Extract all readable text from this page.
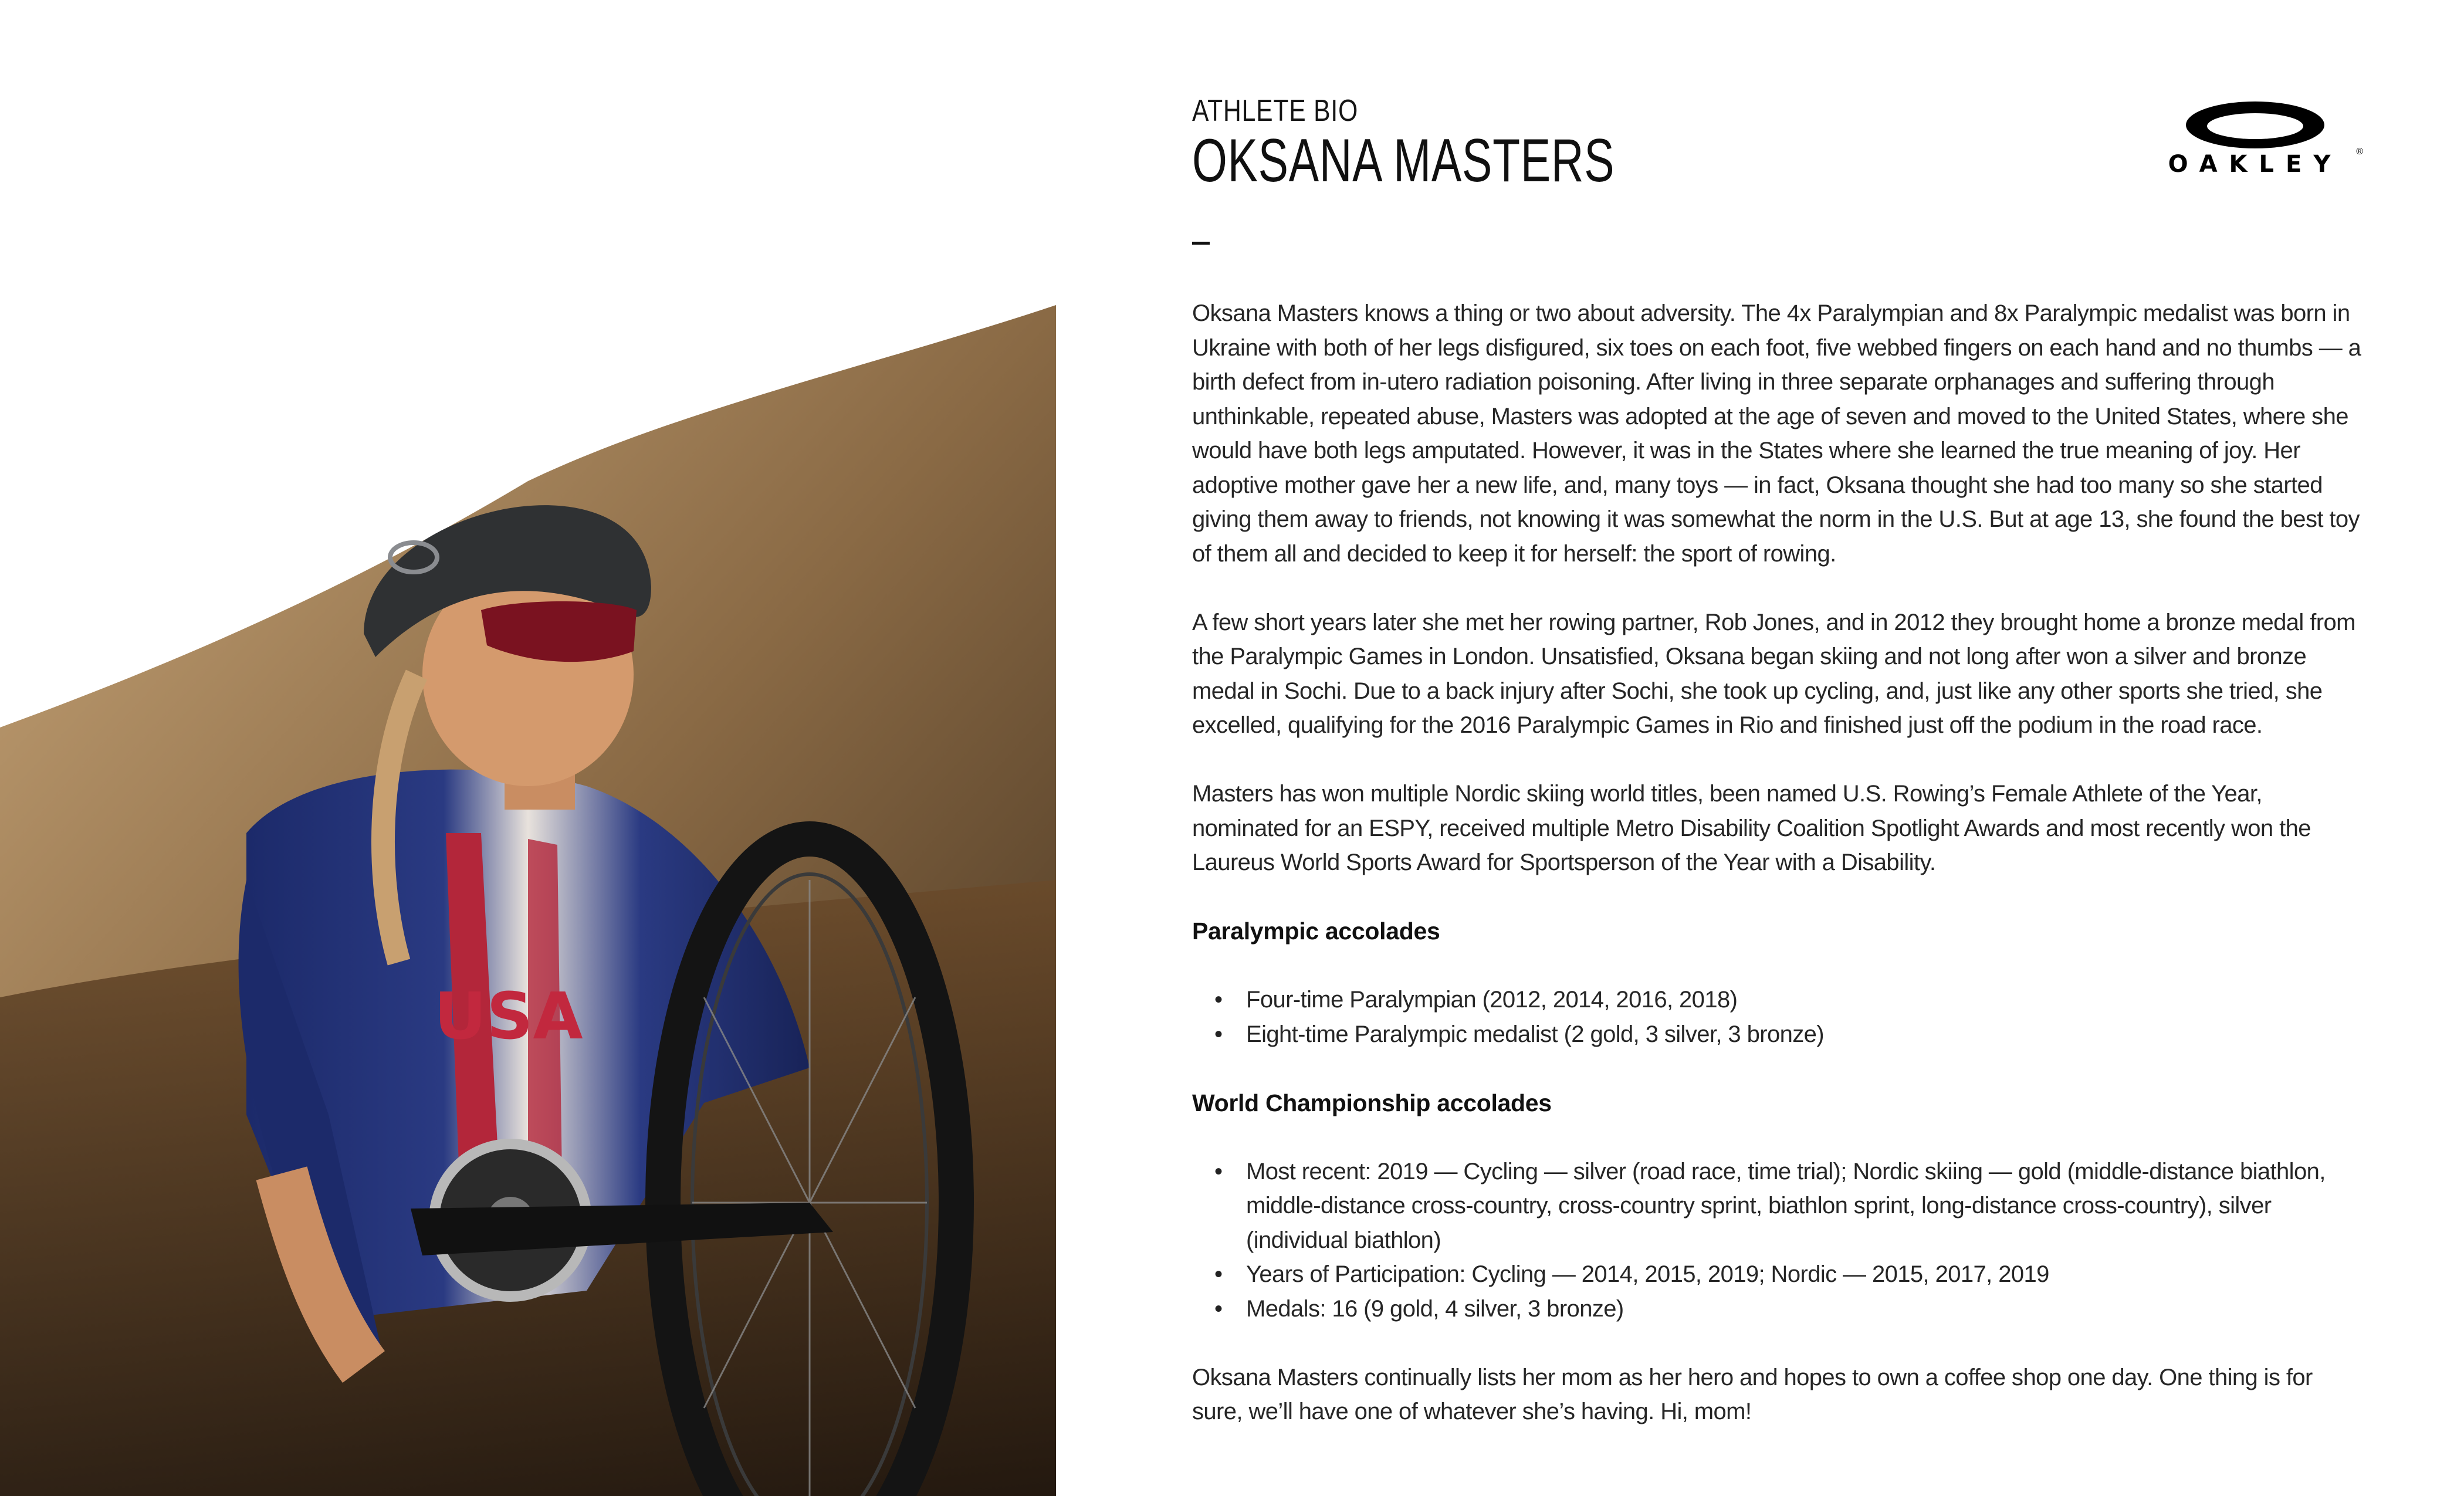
USA
OAKLEY	®
ATHLETE BIO
OKSANA MASTERS

Oksana Masters knows a thing or two about adversity. The 4x Paralympian and 8x Paralympic medalist was born in Ukraine with both of her legs disfigured, six toes on each foot, five webbed fingers on each hand and no thumbs — a birth defect from in-utero radiation poisoning. After living in three separate orphanages and suffering through unthinkable, repeated abuse, Masters was adopted at the age of seven and moved to the United States, where she would have both legs amputated. However, it was in the States where she learned the true meaning of joy. Her adoptive mother gave her a new life, and, many toys — in fact, Oksana thought she had too many so she started giving them away to friends, not knowing it was somewhat the norm in the U.S. But at age 13, she found the best toy of them all and decided to keep it for herself: the sport of rowing.

A few short years later she met her rowing partner, Rob Jones, and in 2012 they brought home a bronze medal from the Paralympic Games in London. Unsatisfied, Oksana began skiing and not long after won a silver and bronze medal in Sochi. Due to a back injury after Sochi, she took up cycling, and, just like any other sports she tried, she excelled, qualifying for the 2016 Paralympic Games in Rio and finished just off the podium in the road race.

Masters has won multiple Nordic skiing world titles, been named U.S. Rowing’s Female Athlete of the Year, nominated for an ESPY, received multiple Metro Disability Coalition Spotlight Awards and most recently won the Laureus World Sports Award for Sportsperson of the Year with a Disability.

Paralympic accolades
• Four-time Paralympian (2012, 2014, 2016, 2018)
• Eight-time Paralympic medalist (2 gold, 3 silver, 3 bronze)
World Championship accolades
• Most recent: 2019 — Cycling — silver (road race, time trial); Nordic skiing — gold (middle-distance biathlon, middle-distance cross-country, cross-country sprint, biathlon sprint, long-distance cross-country), silver (individual biathlon)
• Years of Participation: Cycling — 2014, 2015, 2019; Nordic — 2015, 2017, 2019
• Medals: 16 (9 gold, 4 silver, 3 bronze)

Oksana Masters continually lists her mom as her hero and hopes to own a coffee shop one day. One thing is for sure, we’ll have one of whatever she’s having. Hi, mom!
